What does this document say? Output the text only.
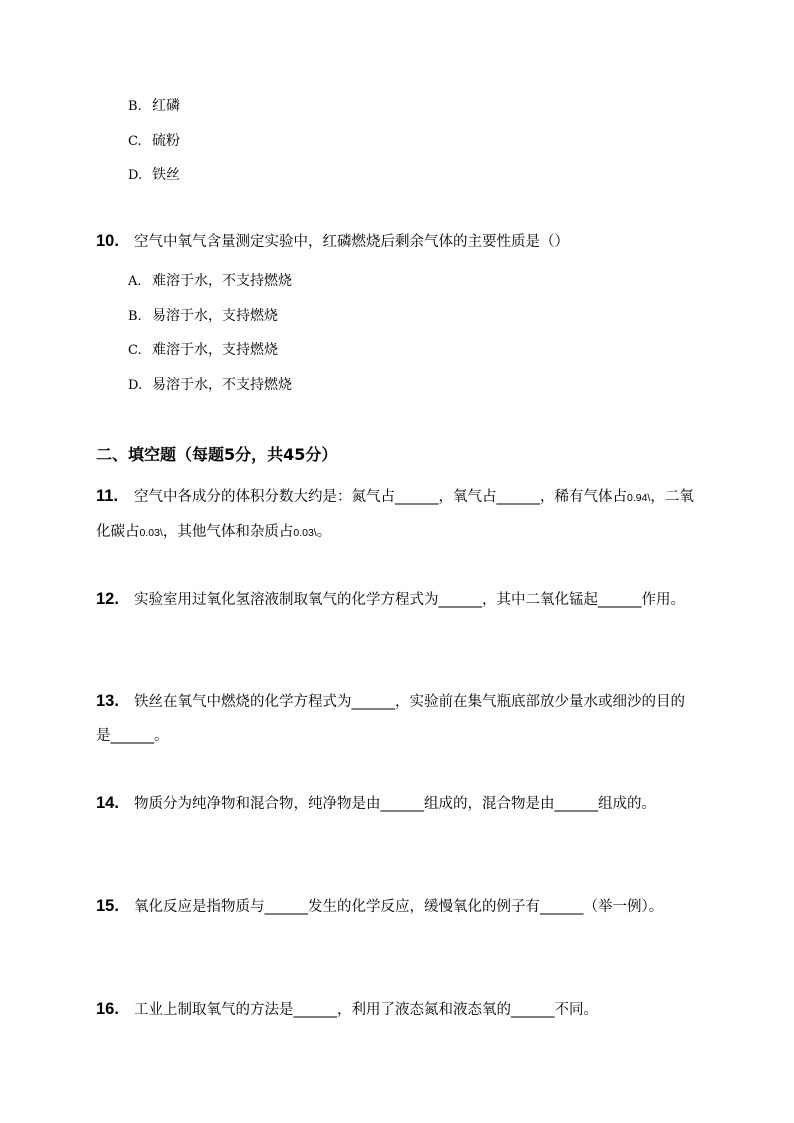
B. 红磷
C. 硫粉
D. 铁丝
10. 空气中氧气含量测定实验中，红磷燃烧后剩余气体的主要性质是（）
A. 难溶于水，不支持燃烧
B. 易溶于水，支持燃烧
C. 难溶于水，支持燃烧
D. 易溶于水，不支持燃烧
二、填空题（每题5分，共45分）
11. 空气中各成分的体积分数大约是：氮气占______，氧气占______，稀有气体占0.94\，二氧化碳占0.03\，其他气体和杂质占0.03\。
12. 实验室用过氧化氢溶液制取氧气的化学方程式为______，其中二氧化锰起______作用。
13. 铁丝在氧气中燃烧的化学方程式为______，实验前在集气瓶底部放少量水或细沙的目的是______。
14. 物质分为纯净物和混合物，纯净物是由______组成的，混合物是由______组成的。
15. 氧化反应是指物质与______发生的化学反应，缓慢氧化的例子有______（举一例）。
16. 工业上制取氧气的方法是______，利用了液态氮和液态氧的______不同。
